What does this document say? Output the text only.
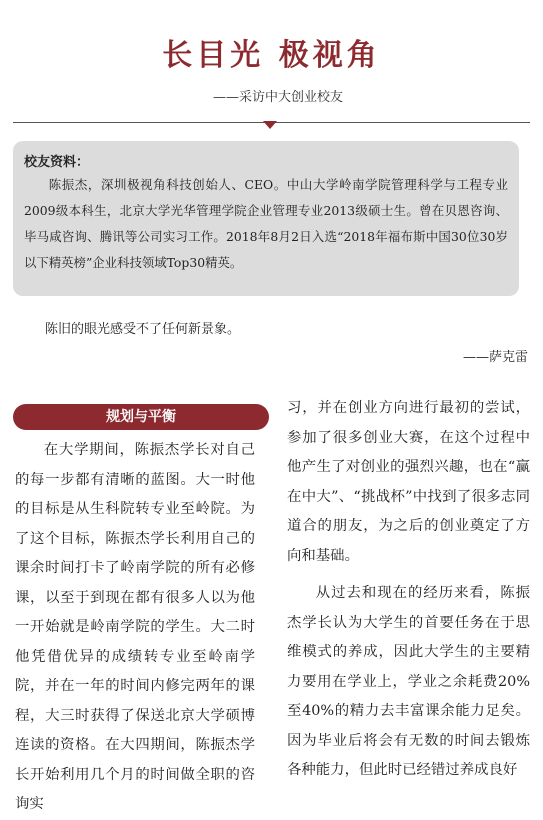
长目光 极视角
——采访中大创业校友
校友资料：

陈振杰，深圳极视角科技创始人、CEO。中山大学岭南学院管理科学与工程专业2009级本科生，北京大学光华管理学院企业管理专业2013级硕士生。曾在贝恩咨询、毕马咸咨询、腾讯等公司实习工作。2018年8月2日入选“2018年福布斯中国30位30岁以下精英榜”企业科技领域Top30精英。

陈旧的眼光感受不了任何新景象。
——萨克雷
规划与平衡

在大学期间，陈振杰学长对自己的每一步都有清晰的蓝图。大一时他的目标是从生科院转专业至岭院。为了这个目标，陈振杰学长利用自己的课余时间打卡了岭南学院的所有必修课，以至于到现在都有很多人以为他一开始就是岭南学院的学生。大二时他凭借优异的成绩转专业至岭南学院，并在一年的时间内修完两年的课程，大三时获得了保送北京大学硕博连读的资格。在大四期间，陈振杰学长开始利用几个月的时间做全职的咨询实

习，并在创业方向进行最初的尝试，参加了很多创业大赛，在这个过程中他产生了对创业的强烈兴趣，也在“赢在中大”、“挑战杯”中找到了很多志同道合的朋友，为之后的创业奠定了方向和基础。

从过去和现在的经历来看，陈振杰学长认为大学生的首要任务在于思维模式的养成，因此大学生的主要精力要用在学业上，学业之余耗费20%至40%的精力去丰富课余能力足矣。因为毕业后将会有无数的时间去锻炼各种能力，但此时已经错过养成良好
